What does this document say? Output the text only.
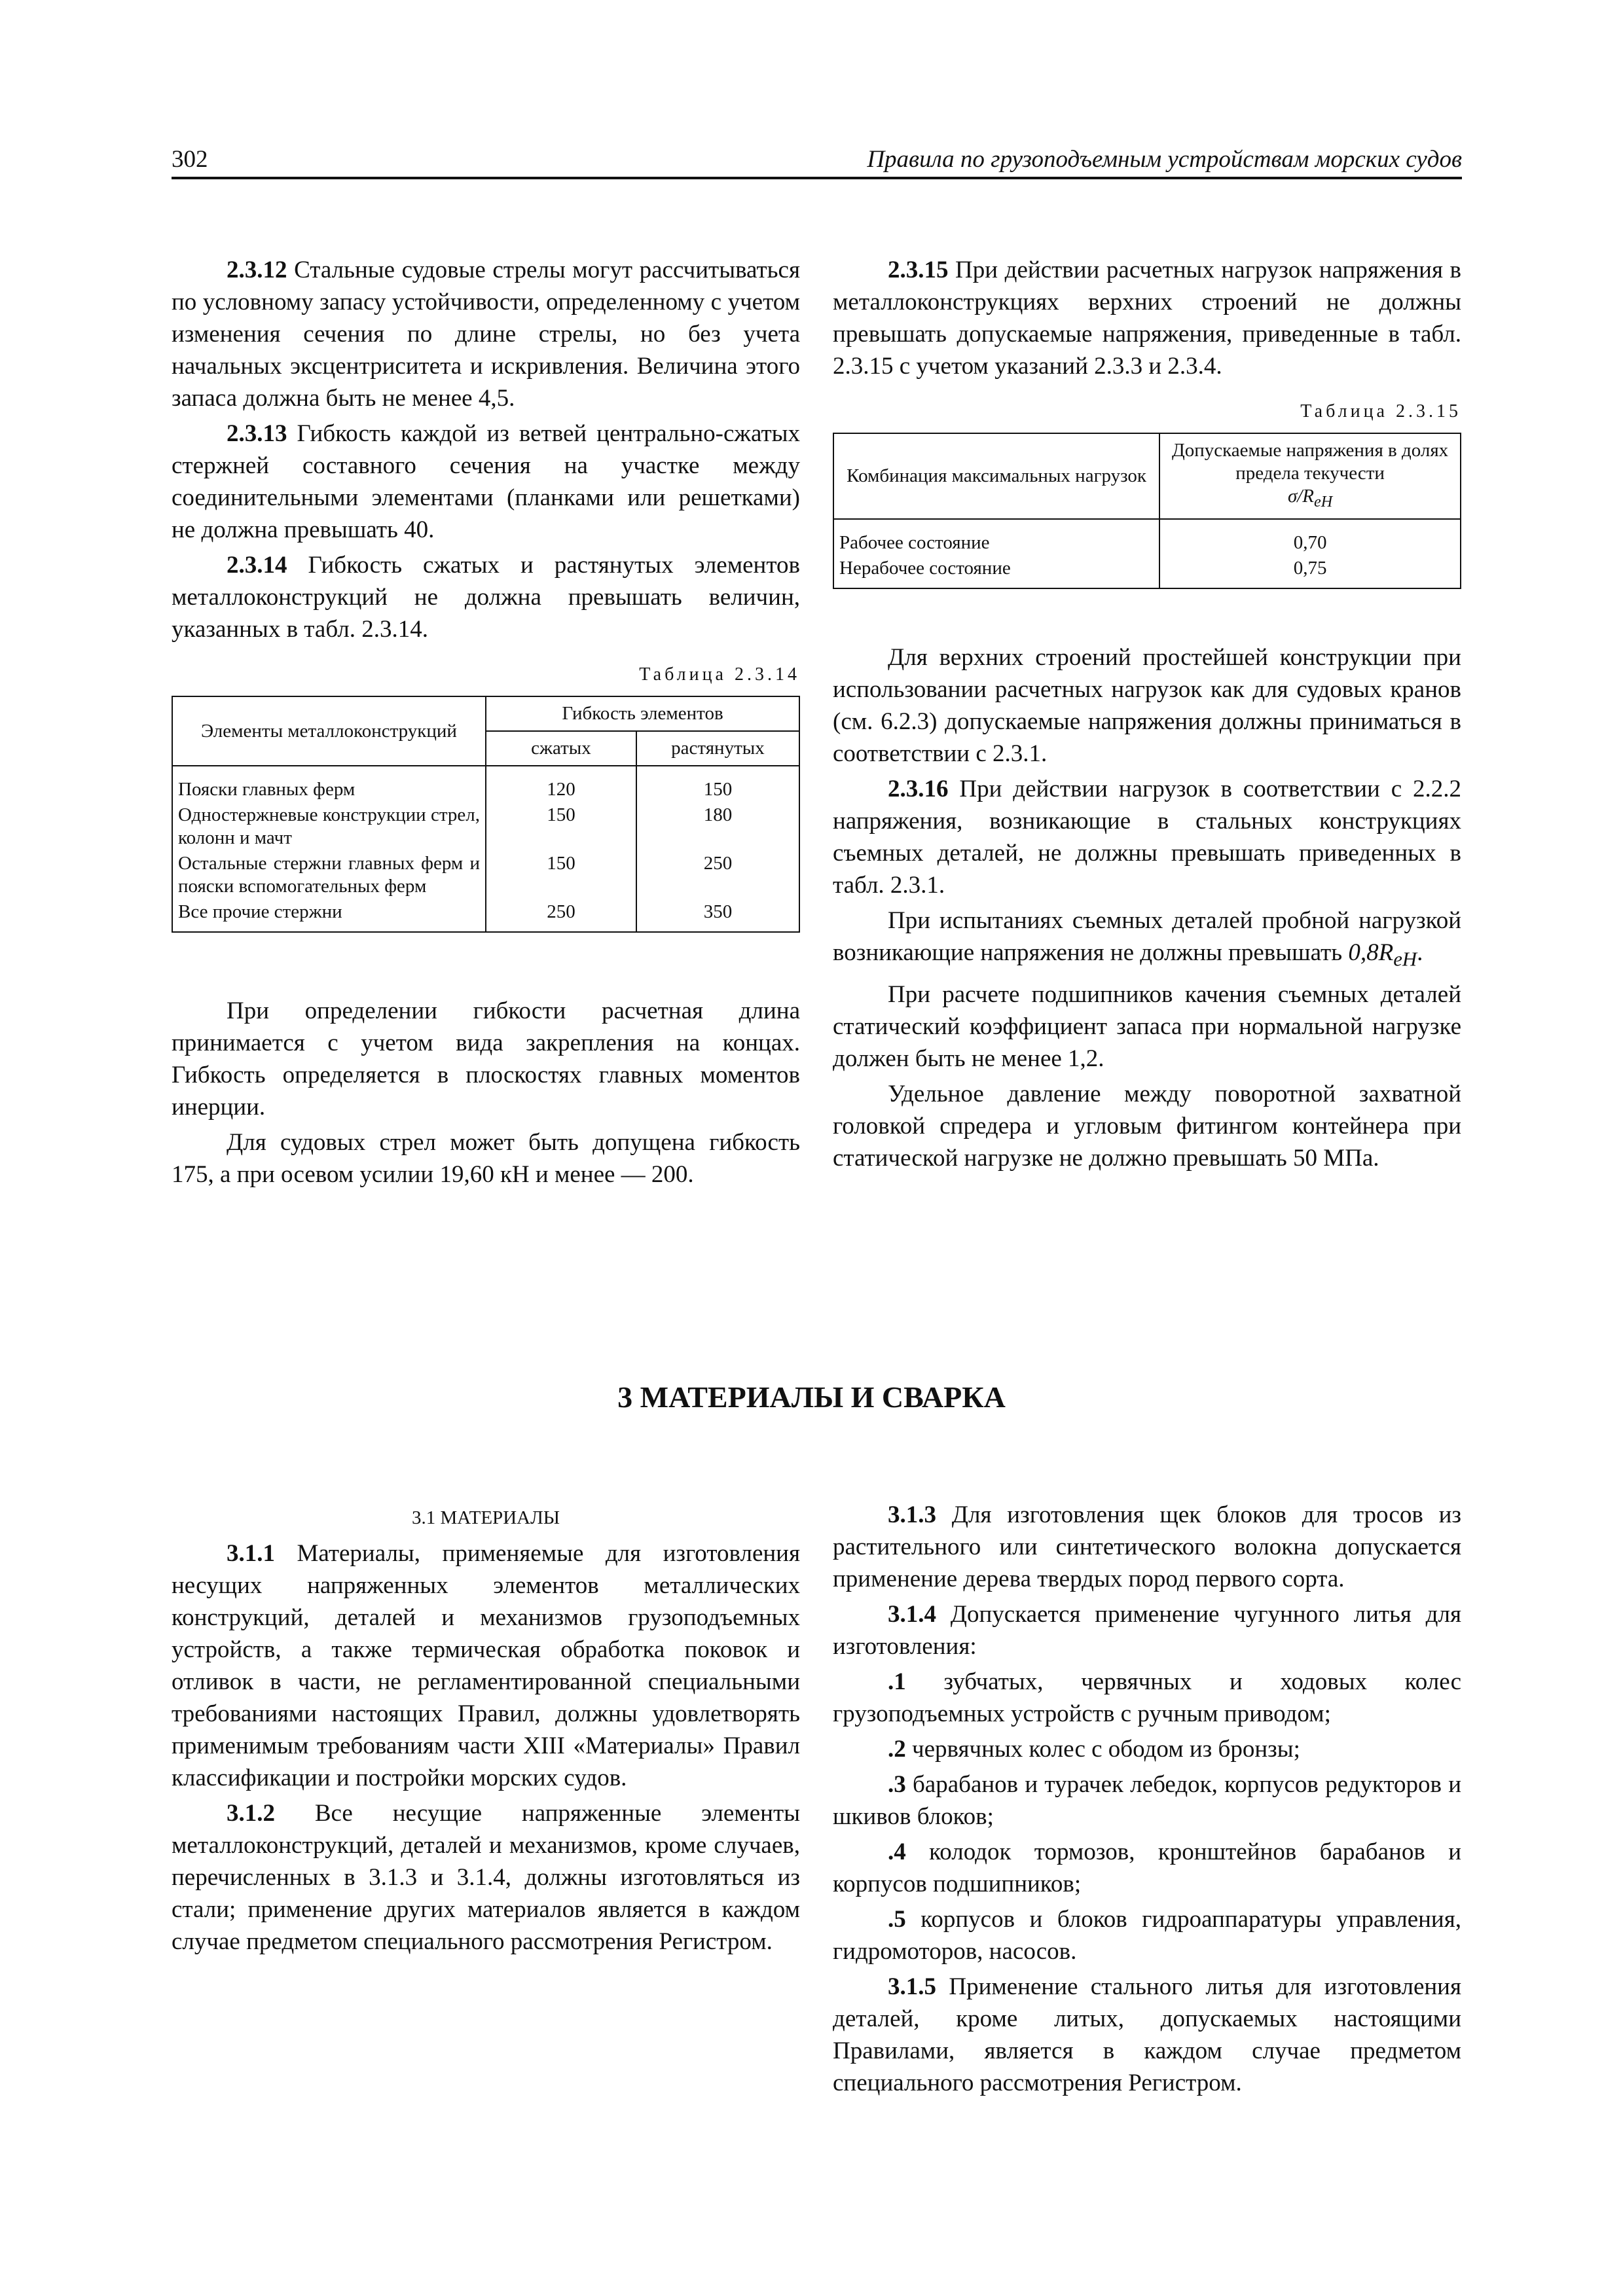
302	Правила по грузоподъемным устройствам морских судов

2.3.12 Стальные судовые стрелы могут рассчитываться по условному запасу устойчивости, определенному с учетом изменения сечения по длине стрелы, но без учета начальных эксцентриситета и искривления. Величина этого запаса должна быть не менее 4,5.

2.3.13 Гибкость каждой из ветвей центрально-сжатых стержней составного сечения на участке между соединительными элементами (планками или решетками) не должна превышать 40.

2.3.14 Гибкость сжатых и растянутых элементов металлоконструкций не должна превышать величин, указанных в табл. 2.3.14.

Таблица 2.3.14
Элементы металлоконструкций	Гибкость элементов	
	сжатых	растянутых
Пояски главных ферм	120	150
Одностержневые конструкции стрел, колонн и мачт	150	180
Остальные стержни главных ферм и пояски вспомогательных ферм	150	250
Все прочие стержни	250	350

При определении гибкости расчетная длина принимается с учетом вида закрепления на концах. Гибкость определяется в плоскостях главных моментов инерции.

Для судовых стрел может быть допущена гибкость 175, а при осевом усилии 19,60 кН и менее — 200.

2.3.15 При действии расчетных нагрузок напряжения в металлоконструкциях верхних строений не должны превышать допускаемые напряжения, приведенные в табл. 2.3.15 с учетом указаний 2.3.3 и 2.3.4.

Таблица 2.3.15
Комбинация максимальных нагрузок	Допускаемые напряжения в долях предела текучести
$\sigma/R_{eH}$
Рабочее состояние	0,70
Нерабочее состояние	0,75

Для верхних строений простейшей конструкции при использовании расчетных нагрузок как для судовых кранов (см. 6.2.3) допускаемые напряжения должны приниматься в соответствии с 2.3.1.

2.3.16 При действии нагрузок в соответствии с 2.2.2 напряжения, возникающие в стальных конструкциях съемных деталей, не должны превышать приведенных в табл. 2.3.1.

При испытаниях съемных деталей пробной нагрузкой возникающие напряжения не должны превышать $0,8R_{eH}$.

При расчете подшипников качения съемных деталей статический коэффициент запаса при нормальной нагрузке должен быть не менее 1,2.

Удельное давление между поворотной захватной головкой спредера и угловым фитингом контейнера при статической нагрузке не должно превышать 50 МПа.

3 МАТЕРИАЛЫ И СВАРКА

3.1 МАТЕРИАЛЫ

3.1.1 Материалы, применяемые для изготовления несущих напряженных элементов металлических конструкций, деталей и механизмов грузоподъемных устройств, а также термическая обработка поковок и отливок в части, не регламентированной специальными требованиями настоящих Правил, должны удовлетворять применимым требованиям части XIII «Материалы» Правил классификации и постройки морских судов.

3.1.2 Все несущие напряженные элементы металлоконструкций, деталей и механизмов, кроме случаев, перечисленных в 3.1.3 и 3.1.4, должны изготовляться из стали; применение других материалов является в каждом случае предметом специального рассмотрения Регистром.

3.1.3 Для изготовления щек блоков для тросов из растительного или синтетического волокна допускается применение дерева твердых пород первого сорта.

3.1.4 Допускается применение чугунного литья для изготовления:

.1 зубчатых, червячных и ходовых колес грузоподъемных устройств с ручным приводом;

.2 червячных колес с ободом из бронзы;

.3 барабанов и турачек лебедок, корпусов редукторов и шкивов блоков;

.4 колодок тормозов, кронштейнов барабанов и корпусов подшипников;

.5 корпусов и блоков гидроаппаратуры управления, гидромоторов, насосов.

3.1.5 Применение стального литья для изготовления деталей, кроме литых, допускаемых настоящими Правилами, является в каждом случае предметом специального рассмотрения Регистром.
